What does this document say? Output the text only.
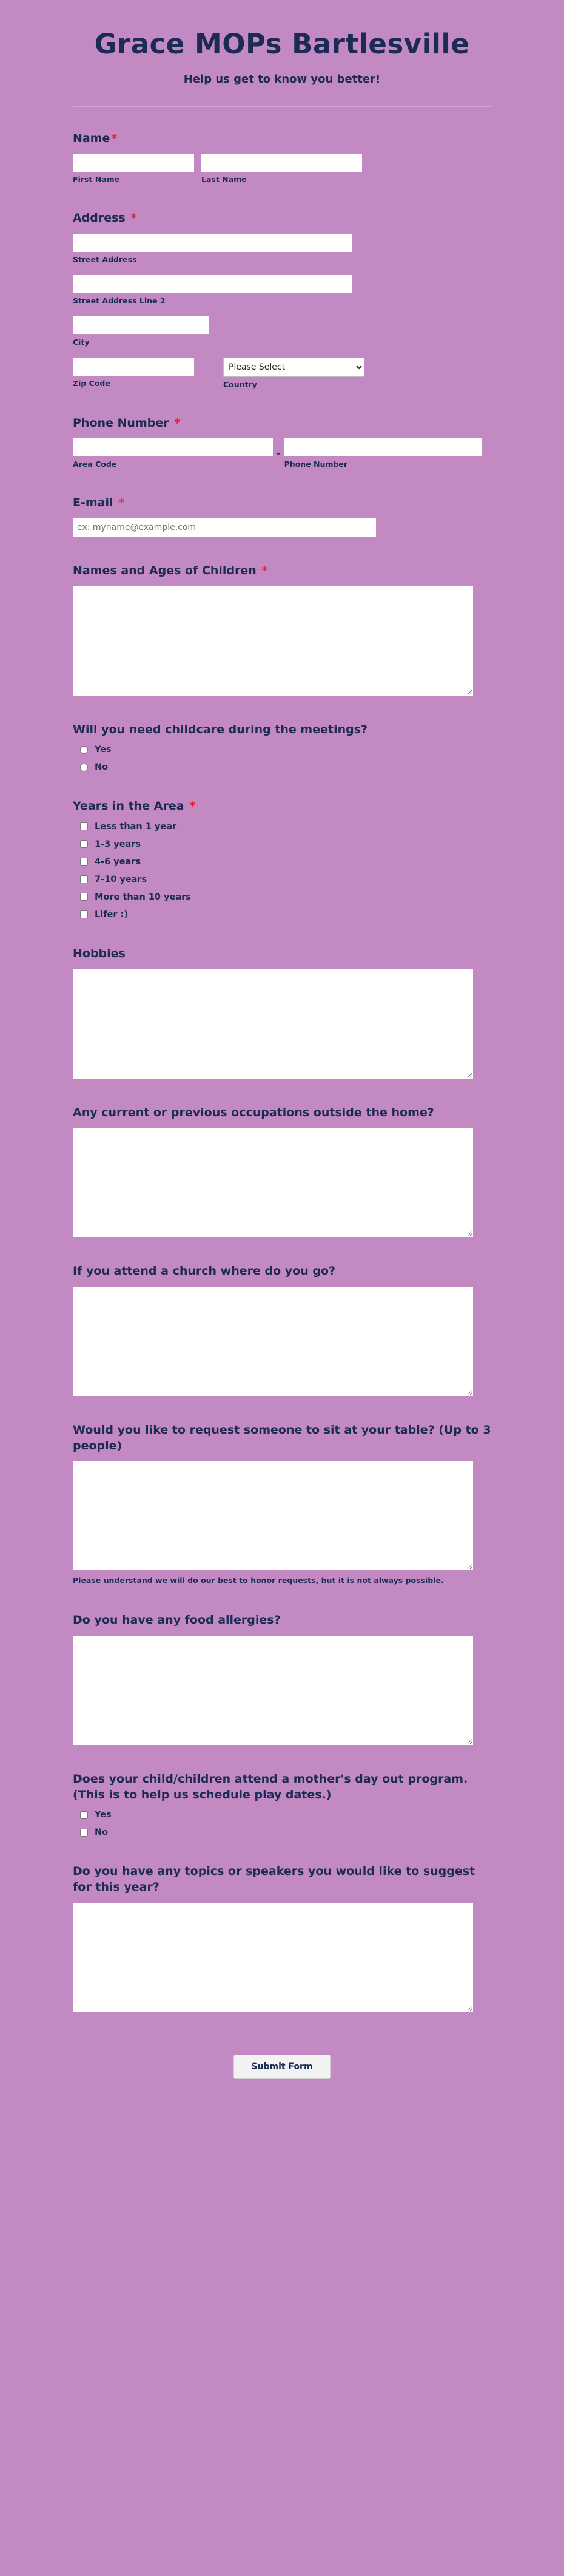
Grace MOPs Bartlesville
Help us get to know you better!
Name *
First Name	Last Name
Address *
Street Address
Street Address Line 2
City
Zip Code
Please Select	Country
Phone Number *
Area Code
-
Phone Number
E-mail *
ex: myname@example.com
Names and Ages of Children *
Will you need childcare during the meetings?
Yes
No
Years in the Area *
Less than 1 year
1-3 years
4-6 years
7-10 years
More than 10 years
Lifer :)
Hobbies
Any current or previous occupations outside the home?
If you attend a church where do you go?
Would you like to request someone to sit at your table? (Up to 3 people)
Please understand we will do our best to honor requests, but it is not always possible.
Do you have any food allergies?
Does your child/children attend a mother's day out program. (This is to help us schedule play dates.)
Yes
No
Do you have any topics or speakers you would like to suggest for this year?
Submit Form
